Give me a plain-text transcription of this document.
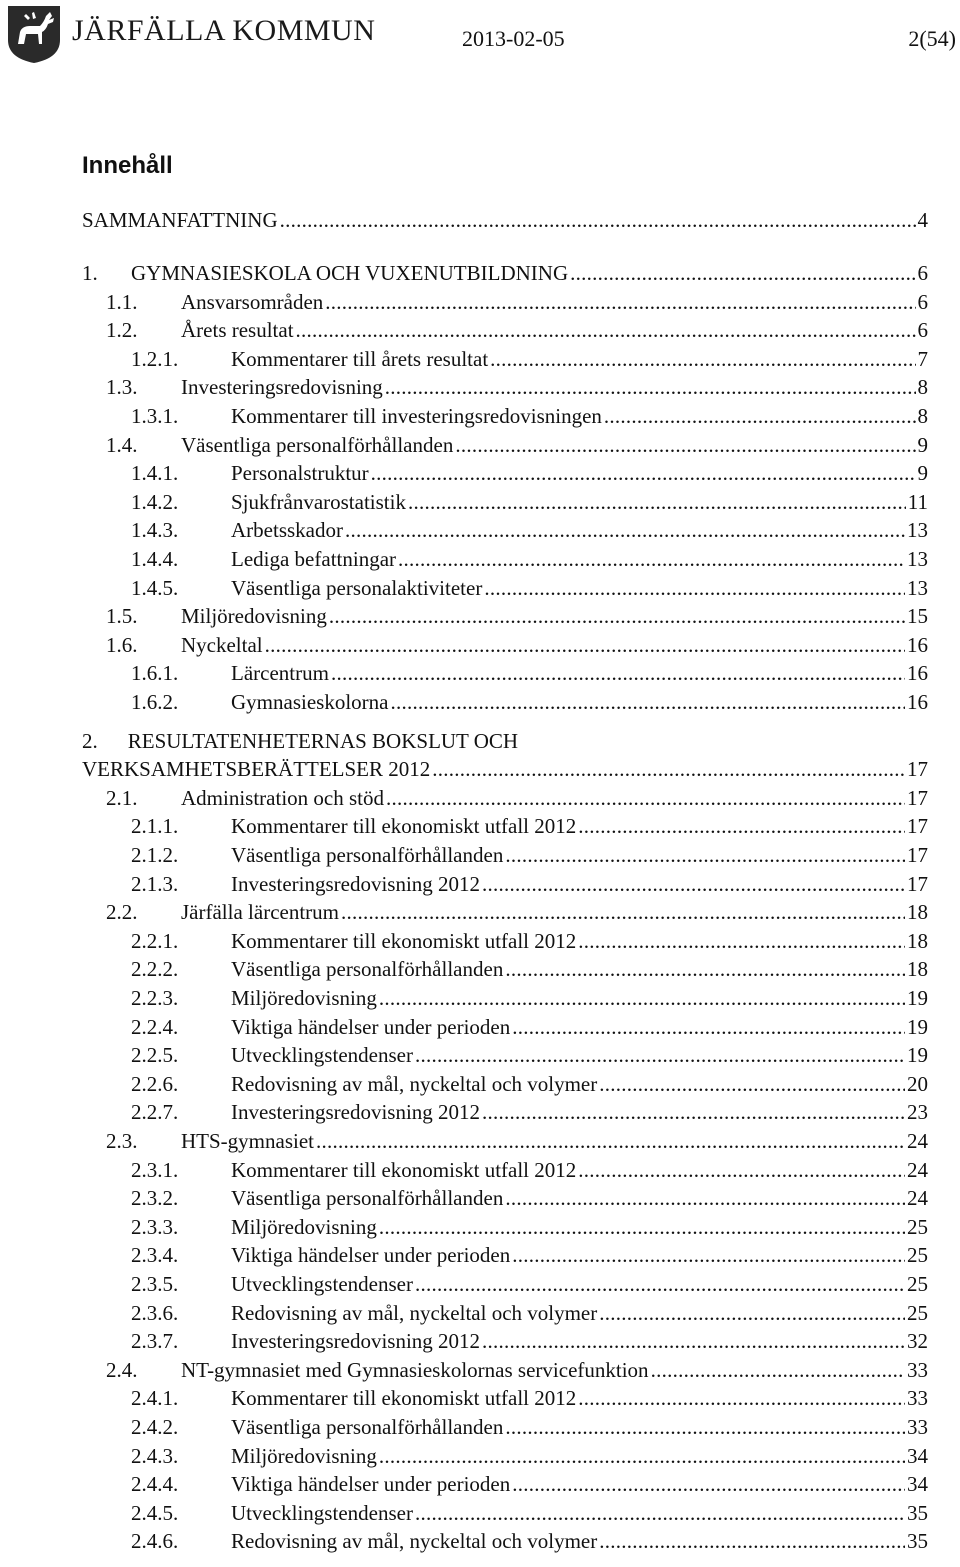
JÄRFÄLLA KOMMUN	2013-02-05	2(54)
Innehåll
SAMMANFATTNING . . .	4
1. GYMNASIESKOLA OCH VUXENUTBILDNING . . .	6
1.1. Ansvarsområden . . .	6
1.2. Årets resultat . . .	6
1.2.1.	Kommentarer till årets resultat . . .	7
1.3. Investeringsredovisning . . .	8
1.3.1.	Kommentarer till investeringsredovisningen . . .	8
1.4. Väsentliga personalförhållanden . . .	9
1.4.1.	Personalstruktur . . .	9
1.4.2.	Sjukfrånvarostatistik . . .	11
1.4.3.	Arbetsskador . . .	13
1.4.4.	Lediga befattningar . . .	13
1.4.5.	Väsentliga personalaktiviteter . . .	13
1.5. Miljöredovisning . . .	15
1.6. Nyckeltal . . .	16
1.6.1.	Lärcentrum . . .	16
1.6.2.	Gymnasieskolorna . . .	16
2. RESULTATENHETERNAS BOKSLUT OCH
VERKSAMHETSBERÄTTELSER 2012 . . .	17
2.1. Administration och stöd . . .	17
2.1.1.	Kommentarer till ekonomiskt utfall 2012 . . .	17
2.1.2.	Väsentliga personalförhållanden . . .	17
2.1.3.	Investeringsredovisning 2012 . . .	17
2.2. Järfälla lärcentrum . . .	18
2.2.1.	Kommentarer till ekonomiskt utfall 2012 . . .	18
2.2.2.	Väsentliga personalförhållanden . . .	18
2.2.3.	Miljöredovisning . . .	19
2.2.4.	Viktiga händelser under perioden . . .	19
2.2.5.	Utvecklingstendenser . . .	19
2.2.6.	Redovisning av mål, nyckeltal och volymer . . .	20
2.2.7.	Investeringsredovisning 2012 . . .	23
2.3. HTS-gymnasiet . . .	24
2.3.1.	Kommentarer till ekonomiskt utfall 2012 . . .	24
2.3.2.	Väsentliga personalförhållanden . . .	24
2.3.3.	Miljöredovisning . . .	25
2.3.4.	Viktiga händelser under perioden . . .	25
2.3.5.	Utvecklingstendenser . . .	25
2.3.6.	Redovisning av mål, nyckeltal och volymer . . .	25
2.3.7.	Investeringsredovisning 2012 . . .	32
2.4. NT-gymnasiet med Gymnasieskolornas servicefunktion . . .	33
2.4.1.	Kommentarer till ekonomiskt utfall 2012 . . .	33
2.4.2.	Väsentliga personalförhållanden . . .	33
2.4.3.	Miljöredovisning . . .	34
2.4.4.	Viktiga händelser under perioden . . .	34
2.4.5.	Utvecklingstendenser . . .	35
2.4.6.	Redovisning av mål, nyckeltal och volymer . . .	35
